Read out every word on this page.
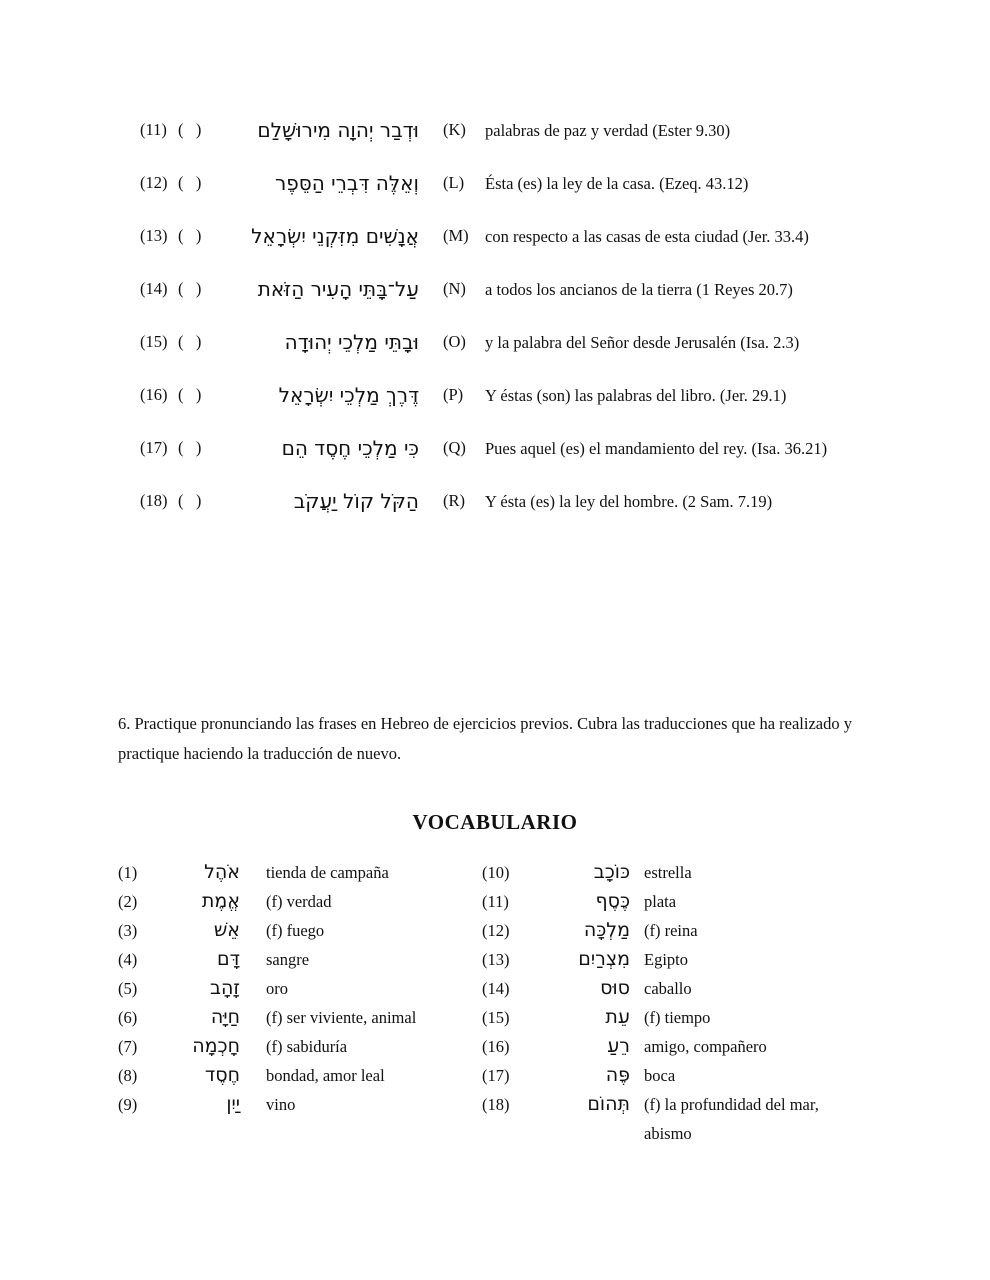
(11) (   )	וּדְבַר יְהוָה מִירוּשָׁלִַם (K)	palabras de paz y verdad (Ester 9.30)
(12) (   )	וְאֵלֶּה דִּבְרֵי הַסֵּפֶר (L)	Ésta (es) la ley de la casa. (Ezeq. 43.12)
(13) (   )	אֲנָשִׁים מִזִּקְנֵי יִשְׂרָאֵל (M) con respecto a las casas de esta ciudad (Jer. 33.4)
(14) (   )	עַל־בָּתֵּי הָעִיר הַזֹּאת (N)	a todos los ancianos de la tierra (1 Reyes 20.7)
(15) (   )	וּבָתֵּי מַלְכֵי יְהוּדָה (O)	y la palabra del Señor desde Jerusalén (Isa. 2.3)
(16) (   )	דֶּרֶךְ מַלְכֵי יִשְׂרָאֵל (P)	Y éstas (son) las palabras del libro. (Jer. 29.1)
(17) (   )	כִּי מַלְכֵי חֶסֶד הֵם (Q)	Pues aquel (es) el mandamiento del rey. (Isa. 36.21)
(18) (   )	הַקֹּל קוֹל יַעֲקֹב (R)	Y ésta (es) la ley del hombre. (2 Sam. 7.19)

6. Practique pronunciando las frases en Hebreo de ejercicios previos. Cubra las traducciones que ha realizado y practique haciendo la traducción de nuevo.

VOCABULARIO
(1)	אֹהֶל tienda de campaña
(2)	אֱמֶת (f) verdad
(3)	אֵשׁ (f) fuego
(4)	דָּם sangre
(5)	זָהָב oro
(6)	חַיָּה (f) ser viviente, animal
(7)	חָכְמָה (f) sabiduría
(8)	חֶסֶד bondad, amor leal
(9)	יַיִן vino
(10)	כּוֹכָב estrella
(11)	כֶּסֶף plata
(12)	מַלְכָּה (f) reina
(13)	מִצְרַיִם Egipto
(14)	סוּס caballo
(15)	עֵת (f) tiempo
(16)	רֵעַ amigo, compañero
(17)	פֶּה boca
(18)	תְּהוֹם (f) la profundidad del mar, abismo
